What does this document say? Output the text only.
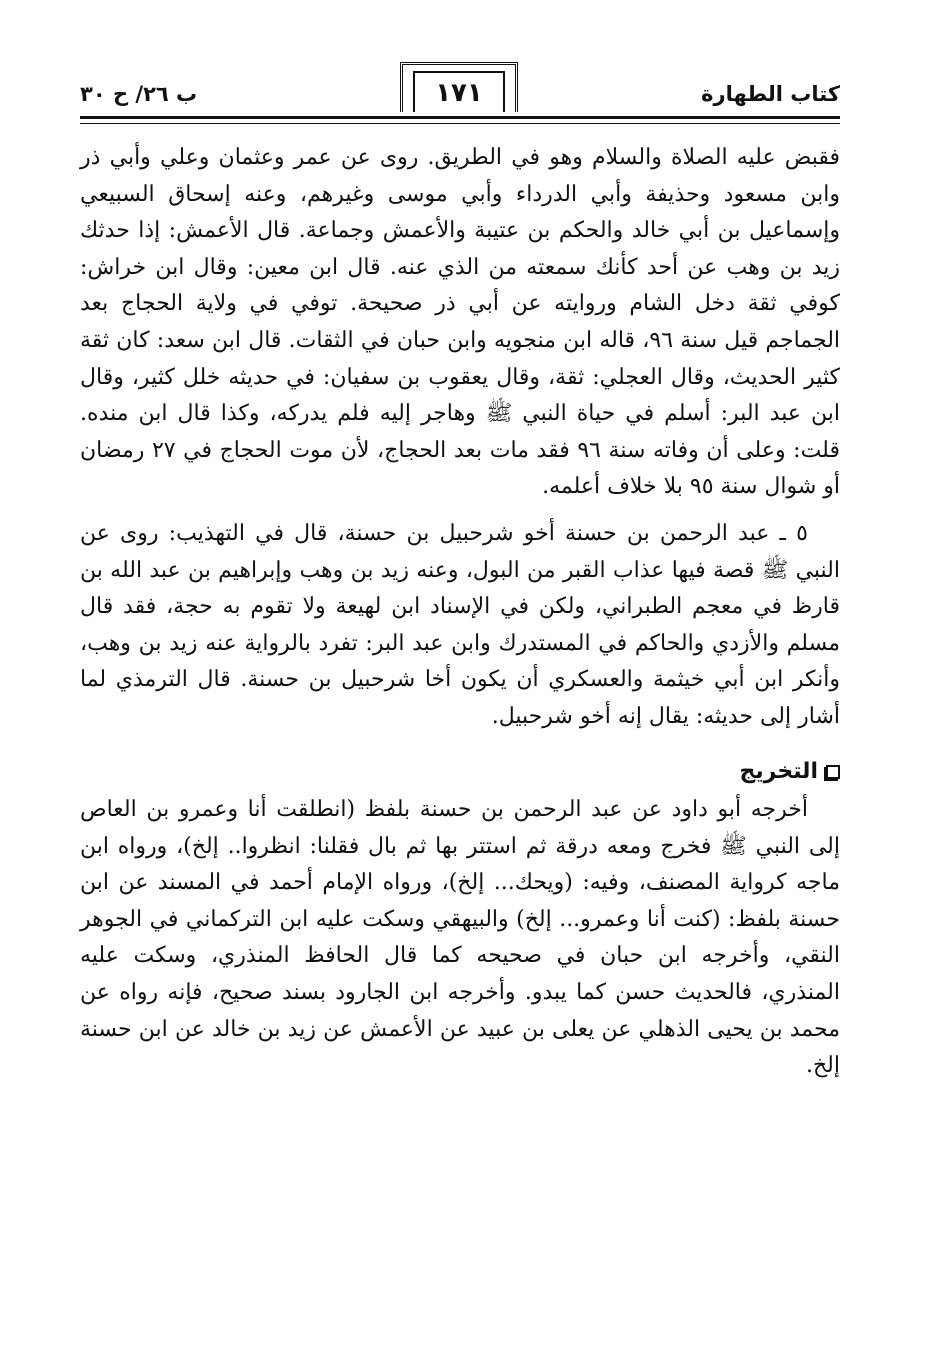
كتاب الطهارة
١٧١
ب ٢٦/ ح ٣٠

فقبض عليه الصلاة والسلام وهو في الطريق. روى عن عمر وعثمان وعلي وأبي ذر وابن مسعود وحذيفة وأبي الدرداء وأبي موسى وغيرهم، وعنه إسحاق السبيعي وإسماعيل بن أبي خالد والحكم بن عتيبة والأعمش وجماعة. قال الأعمش: إذا حدثك زيد بن وهب عن أحد كأنك سمعته من الذي عنه. قال ابن معين: وقال ابن خراش: كوفي ثقة دخل الشام وروايته عن أبي ذر صحيحة. توفي في ولاية الحجاج بعد الجماجم قيل سنة ٩٦، قاله ابن منجويه وابن حبان في الثقات. قال ابن سعد: كان ثقة كثير الحديث، وقال العجلي: ثقة، وقال يعقوب بن سفيان: في حديثه خلل كثير، وقال ابن عبد البر: أسلم في حياة النبي ﷺ وهاجر إليه فلم يدركه، وكذا قال ابن منده. قلت: وعلى أن وفاته سنة ٩٦ فقد مات بعد الحجاج، لأن موت الحجاج في ٢٧ رمضان أو شوال سنة ٩٥ بلا خلاف أعلمه.

٥ ـ عبد الرحمن بن حسنة أخو شرحبيل بن حسنة، قال في التهذيب: روى عن النبي ﷺ قصة فيها عذاب القبر من البول، وعنه زيد بن وهب وإبراهيم بن عبد الله بن قارظ في معجم الطبراني، ولكن في الإسناد ابن لهيعة ولا تقوم به حجة، فقد قال مسلم والأزدي والحاكم في المستدرك وابن عبد البر: تفرد بالرواية عنه زيد بن وهب، وأنكر ابن أبي خيثمة والعسكري أن يكون أخا شرحبيل بن حسنة. قال الترمذي لما أشار إلى حديثه: يقال إنه أخو شرحبيل.

التخريج

أخرجه أبو داود عن عبد الرحمن بن حسنة بلفظ (انطلقت أنا وعمرو بن العاص إلى النبي ﷺ فخرج ومعه درقة ثم استتر بها ثم بال فقلنا: انظروا.. إلخ)، ورواه ابن ماجه كرواية المصنف، وفيه: (ويحك... إلخ)، ورواه الإمام أحمد في المسند عن ابن حسنة بلفظ: (كنت أنا وعمرو... إلخ) والبيهقي وسكت عليه ابن التركماني في الجوهر النقي، وأخرجه ابن حبان في صحيحه كما قال الحافظ المنذري، وسكت عليه المنذري، فالحديث حسن كما يبدو. وأخرجه ابن الجارود بسند صحيح، فإنه رواه عن محمد بن يحيى الذهلي عن يعلى بن عبيد عن الأعمش عن زيد بن خالد عن ابن حسنة إلخ.
